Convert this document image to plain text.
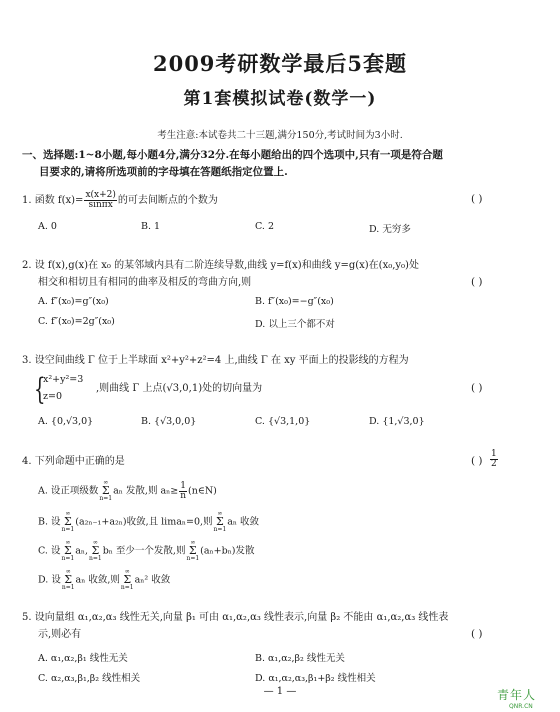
2009考研数学最后5套题
第1套模拟试卷(数学一)
考生注意:本试卷共二十三题,满分150分,考试时间为3小时.
一、选择题:1~8小题,每小题4分,满分32分.在每小题给出的四个选项中,只有一项是符合题
目要求的,请将所选项前的字母填在答题纸指定位置上.
1. 函数 $f(x)= \frac{x(x+2)}{\sin\pi x}$ 的可去间断点的个数为	( )
A. 0	B. 1	C. 2	D. 无穷多
2. 设 f(x),g(x)在 x₀ 的某邻域内具有二阶连续导数,曲线 y=f(x)和曲线 y=g(x)在(x₀,y₀)处
相交和相切且有相同的曲率及相反的弯曲方向,则	( )
A. f″(x₀)=g″(x₀)	B. f″(x₀)=−g″(x₀)
C. f″(x₀)=2g″(x₀)	D. 以上三个都不对
3. 设空间曲线 Γ 位于上半球面 x²+y²+z²=4 上,曲线 Γ 在 xy 平面上的投影线的方程为
{
x²+y²=3
z=0
,则曲线 Γ 上点(√3,0,1)处的切向量为	( )
A. {0,√3,0}	B. {√3,0,0}	C. {√3,1,0}	D. {1,√3,0}
4. 下列命题中正确的是	( ) $\frac{1}{2}$
A. 设正项级数∞
Σ
n=1aₙ 发散,则 $a_n\ge \frac{1}{n}$ (n∈N)
B. 设∞
Σ
n=1(a₂ₙ₋₁+a₂ₙ)收敛,且 limaₙ=0,则∞
Σ
n=1aₙ 收敛
C. 设∞
Σ
n=1aₙ,∞
Σ
n=1bₙ 至少一个发散,则∞
Σ
n=1(aₙ+bₙ)发散
D. 设∞
Σ
n=1aₙ 收敛,则∞
Σ
n=1aₙ² 收敛
5. 设向量组 α₁,α₂,α₃ 线性无关,向量 β₁ 可由 α₁,α₂,α₃ 线性表示,向量 β₂ 不能由 α₁,α₂,α₃ 线性表
示,则必有	( )
A. α₁,α₂,β₁ 线性无关	B. α₁,α₂,β₂ 线性无关
C. α₂,α₃,β₁,β₂ 线性相关	D. α₁,α₂,α₃,β₁+β₂ 线性相关
— 1 —	青年人
QNR.CN
